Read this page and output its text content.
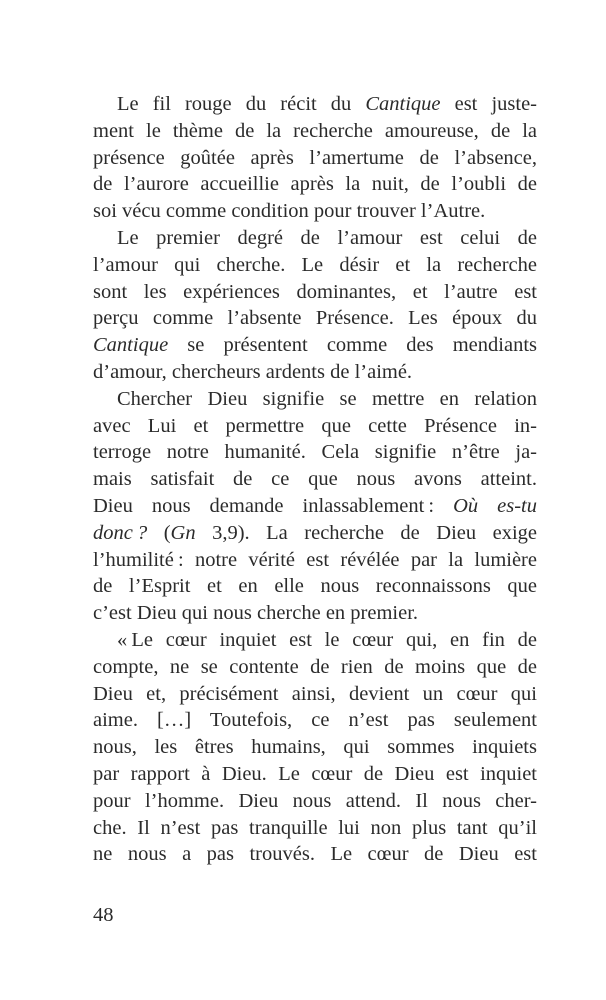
Le fil rouge du récit du Cantique est juste-
ment le thème de la recherche amoureuse, de la
présence goûtée après l’amertume de l’absence,
de l’aurore accueillie après la nuit, de l’oubli de
soi vécu comme condition pour trouver l’Autre.
Le premier degré de l’amour est celui de
l’amour qui cherche. Le désir et la recherche
sont les expériences dominantes, et l’autre est
perçu comme l’absente Présence. Les époux du
Cantique se présentent comme des mendiants
d’amour, chercheurs ardents de l’aimé.
Chercher Dieu signifie se mettre en relation
avec Lui et permettre que cette Présence in-
terroge notre humanité. Cela signifie n’être ja-
mais satisfait de ce que nous avons atteint.
Dieu nous demande inlassablement : Où es-tu
donc ? (Gn 3,9). La recherche de Dieu exige
l’humilité : notre vérité est révélée par la lumière
de l’Esprit et en elle nous reconnaissons que
c’est Dieu qui nous cherche en premier.
« Le cœur inquiet est le cœur qui, en fin de
compte, ne se contente de rien de moins que de
Dieu et, précisément ainsi, devient un cœur qui
aime. […] Toutefois, ce n’est pas seulement
nous, les êtres humains, qui sommes inquiets
par rapport à Dieu. Le cœur de Dieu est inquiet
pour l’homme. Dieu nous attend. Il nous cher-
che. Il n’est pas tranquille lui non plus tant qu’il
ne nous a pas trouvés. Le cœur de Dieu est
48
